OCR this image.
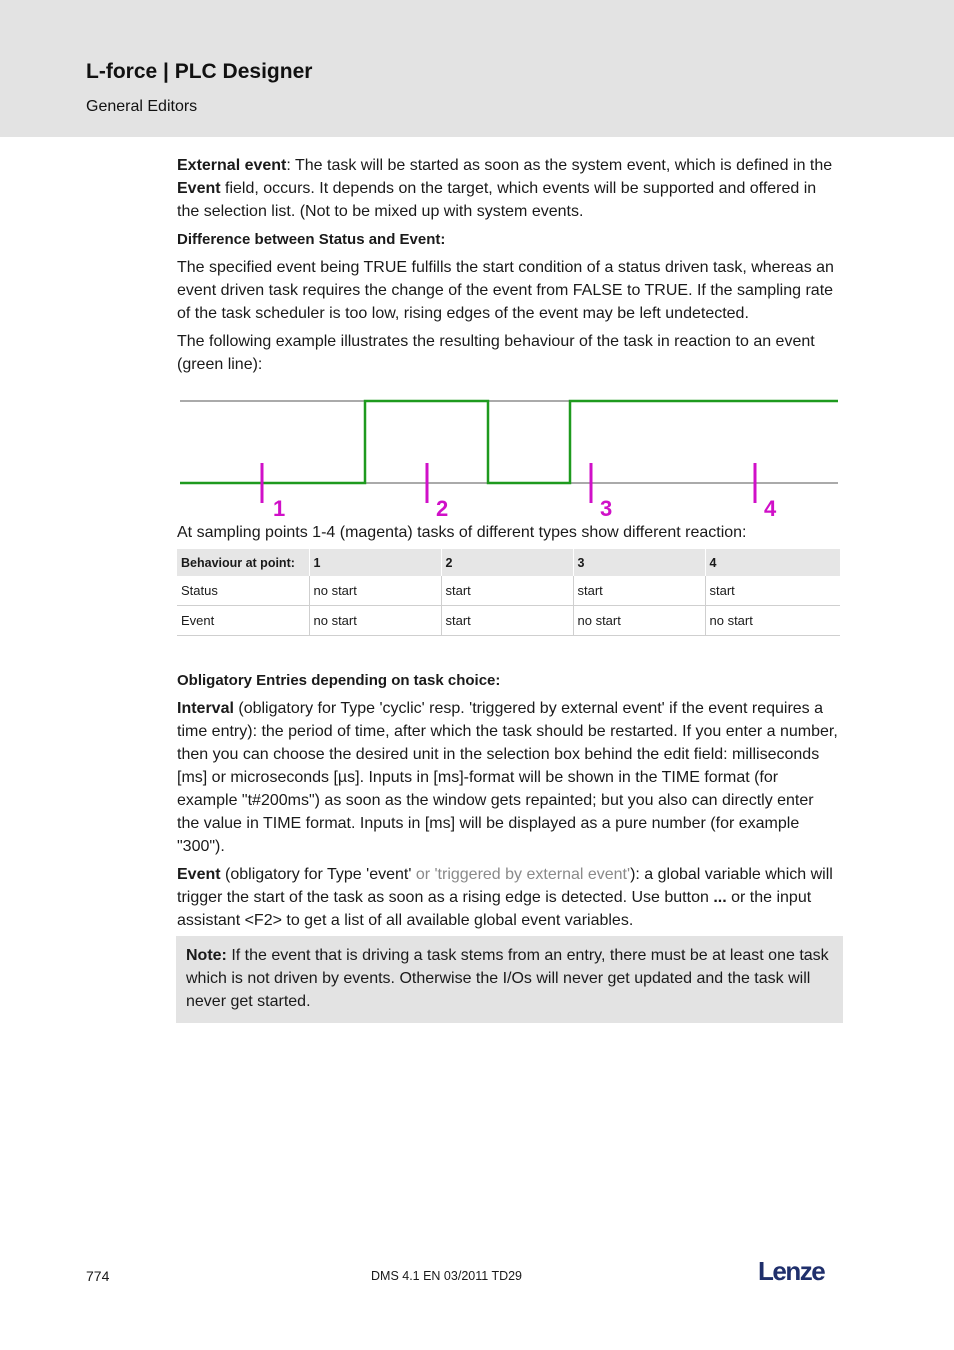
L-force | PLC Designer
General Editors

External event: The task will be started as soon as the system event, which is defined in the Event field, occurs. It depends on the target, which events will be supported and offered in the selection list. (Not to be mixed up with system events.

Difference between Status and Event:

The specified event being TRUE fulfills the start condition of a status driven task, whereas an event driven task requires the change of the event from FALSE to TRUE. If the sampling rate of the task scheduler is too low, rising edges of the event may be left undetected.

The following example illustrates the resulting behaviour of the task in reaction to an event (green line):

1	2	3	4
At sampling points 1-4 (magenta) tasks of different types show different reaction:
Behaviour at point:	1	2	3	4
Status	no start	start	start	start
Event	no start	start	no start	no start
Obligatory Entries depending on task choice:

Interval (obligatory for Type 'cyclic' resp. 'triggered by external event' if the event requires a time entry): the period of time, after which the task should be restarted. If you enter a number, then you can choose the desired unit in the selection box behind the edit field: milliseconds [ms] or microseconds [µs]. Inputs in [ms]-format will be shown in the TIME format (for example "t#200ms") as soon as the window gets repainted; but you also can directly enter the value in TIME format. Inputs in [ms] will be displayed as a pure number (for example "300").

Event (obligatory for Type 'event' or 'triggered by external event'): a global variable which will trigger the start of the task as soon as a rising edge is detected. Use button ... or the input assistant <F2> to get a list of all available global event variables.

Note: If the event that is driving a task stems from an entry, there must be at least one task which is not driven by events. Otherwise the I/Os will never get updated and the task will never get started.
774	DMS 4.1 EN 03/2011 TD29	Lenze
